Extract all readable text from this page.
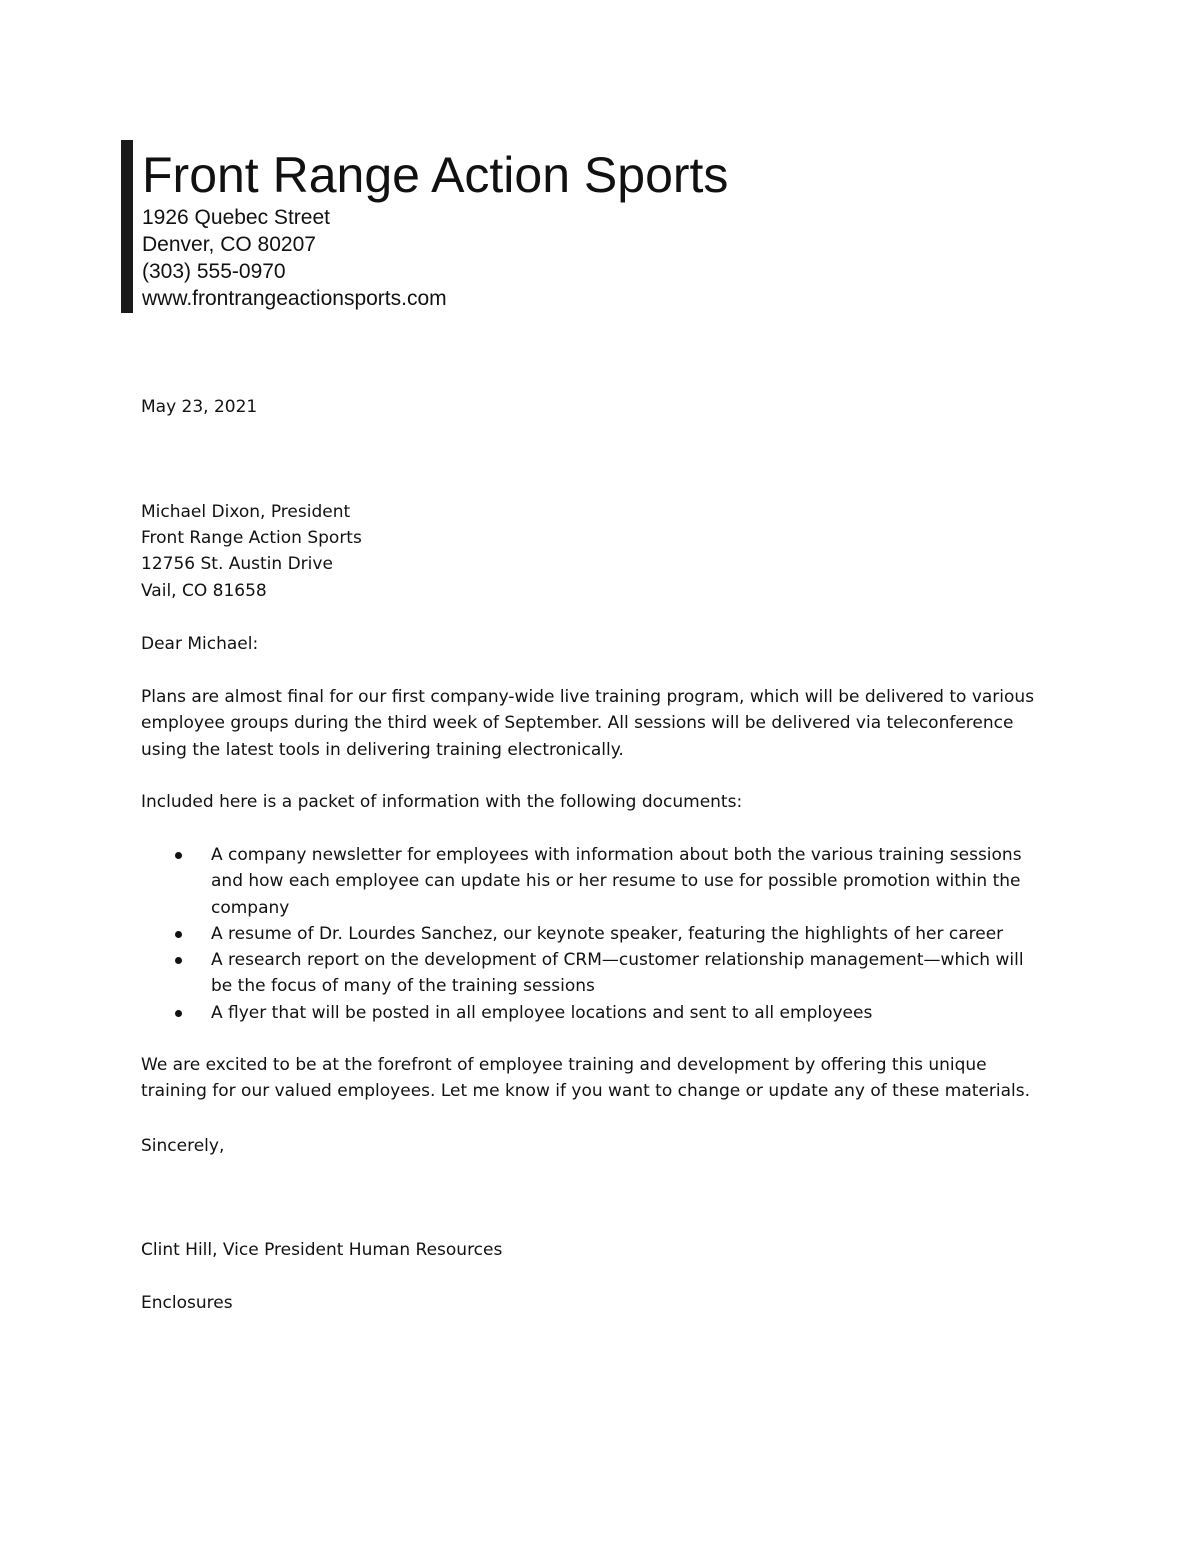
Front Range Action Sports
1926 Quebec Street
Denver, CO 80207
(303) 555-0970
www.frontrangeactionsports.com
May 23, 2021
Michael Dixon, President
Front Range Action Sports
12756 St. Austin Drive
Vail, CO 81658
Dear Michael:
Plans are almost final for our first company-wide live training program, which will be delivered to various
employee groups during the third week of September. All sessions will be delivered via teleconference
using the latest tools in delivering training electronically.
Included here is a packet of information with the following documents:
A company newsletter for employees with information about both the various training sessions
and how each employee can update his or her resume to use for possible promotion within the
company
A resume of Dr. Lourdes Sanchez, our keynote speaker, featuring the highlights of her career
A research report on the development of CRM—customer relationship management—which will
be the focus of many of the training sessions
A flyer that will be posted in all employee locations and sent to all employees
We are excited to be at the forefront of employee training and development by offering this unique
training for our valued employees. Let me know if you want to change or update any of these materials.
Sincerely,
Clint Hill, Vice President Human Resources
Enclosures
